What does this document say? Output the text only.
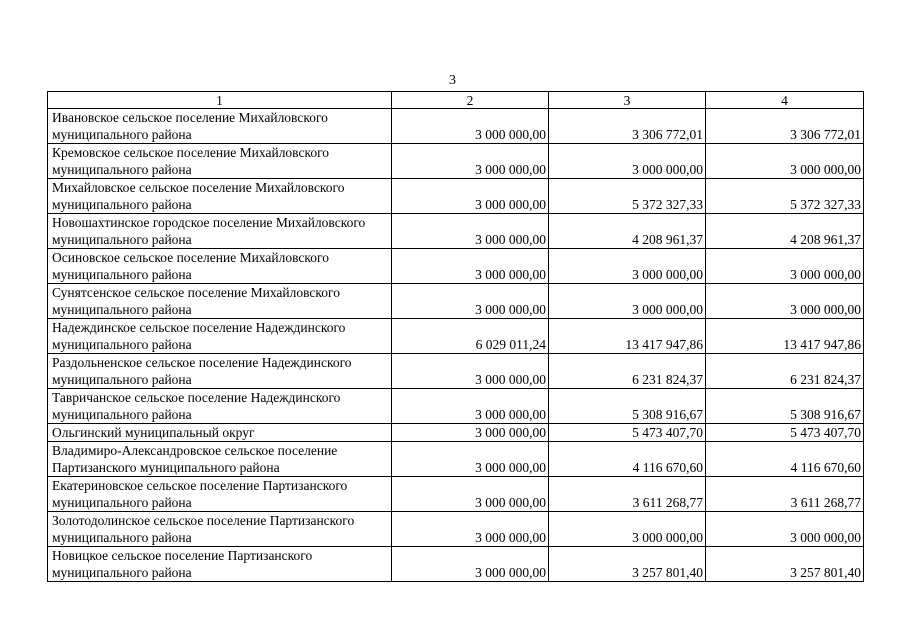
3
1	2	3	4
Ивановское сельское поселение Михайловского муниципального района	3 000 000,00	3 306 772,01	3 306 772,01
Кремовское сельское поселение Михайловского муниципального района	3 000 000,00	3 000 000,00	3 000 000,00
Михайловское сельское поселение Михайловского муниципального района	3 000 000,00	5 372 327,33	5 372 327,33
Новошахтинское городское поселение Михайловского муниципального района	3 000 000,00	4 208 961,37	4 208 961,37
Осиновское сельское поселение Михайловского муниципального района	3 000 000,00	3 000 000,00	3 000 000,00
Сунятсенское сельское поселение Михайловского муниципального района	3 000 000,00	3 000 000,00	3 000 000,00
Надеждинское сельское поселение Надеждинского муниципального района	6 029 011,24	13 417 947,86	13 417 947,86
Раздольненское сельское поселение Надеждинского муниципального района	3 000 000,00	6 231 824,37	6 231 824,37
Тавричанское сельское поселение Надеждинского муниципального района	3 000 000,00	5 308 916,67	5 308 916,67
Ольгинский муниципальный округ	3 000 000,00	5 473 407,70	5 473 407,70
Владимиро-Александровское сельское поселение Партизанского муниципального района	3 000 000,00	4 116 670,60	4 116 670,60
Екатериновское сельское поселение Партизанского муниципального района	3 000 000,00	3 611 268,77	3 611 268,77
Золотодолинское сельское поселение Партизанского муниципального района	3 000 000,00	3 000 000,00	3 000 000,00
Новицкое сельское поселение Партизанского муниципального района	3 000 000,00	3 257 801,40	3 257 801,40
